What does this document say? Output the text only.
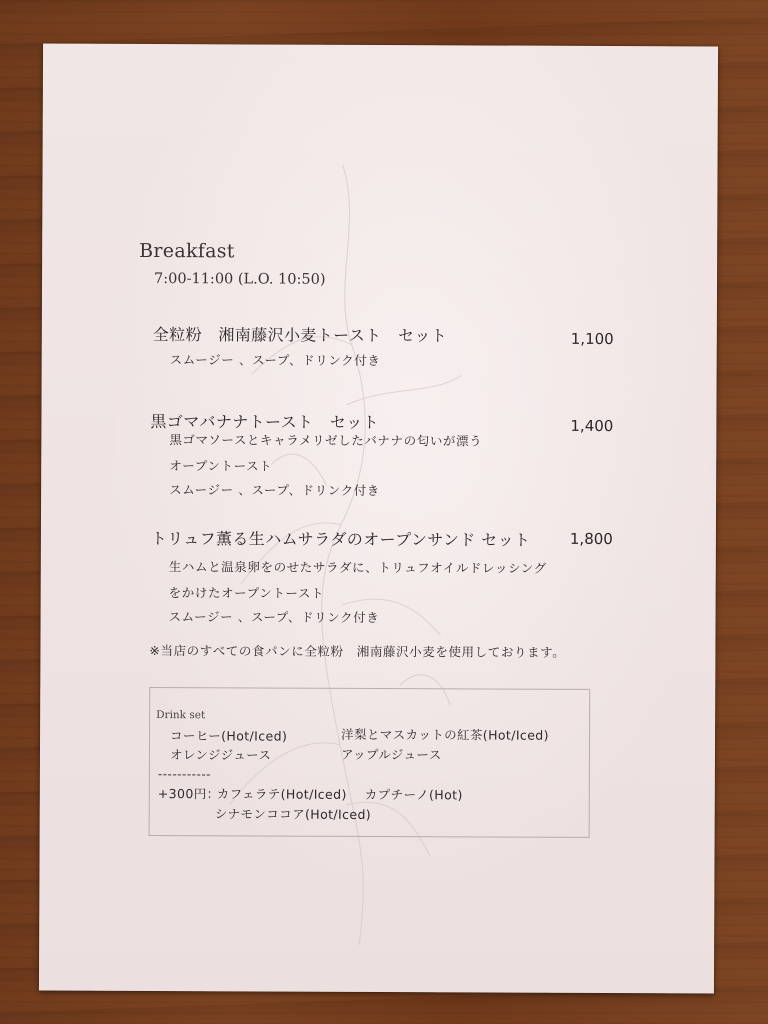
Breakfast
7:00-11:00 (L.O. 10:50)
全粒粉　湘南藤沢小麦トースト　セット	1,100
スムージー 、スープ、ドリンク付き
黒ゴマバナナトースト　セット	1,400
黒ゴマソースとキャラメリゼしたバナナの匂いが漂う
オープントースト
スムージー 、スープ、ドリンク付き
トリュフ薫る生ハムサラダのオープンサンド セット	1,800
生ハムと温泉卵をのせたサラダに、トリュフオイルドレッシング
をかけたオープントースト
スムージー 、スープ、ドリンク付き
※当店のすべての食パンに全粒粉　湘南藤沢小麦を使用しております。
Drink set
コーヒー(Hot/Iced)	洋梨とマスカットの紅茶(Hot/Iced)
オレンジジュース	アップルジュース
-----------
+300円：
カフェラテ(Hot/Iced) カプチーノ(Hot)
シナモンココア(Hot/Iced)
